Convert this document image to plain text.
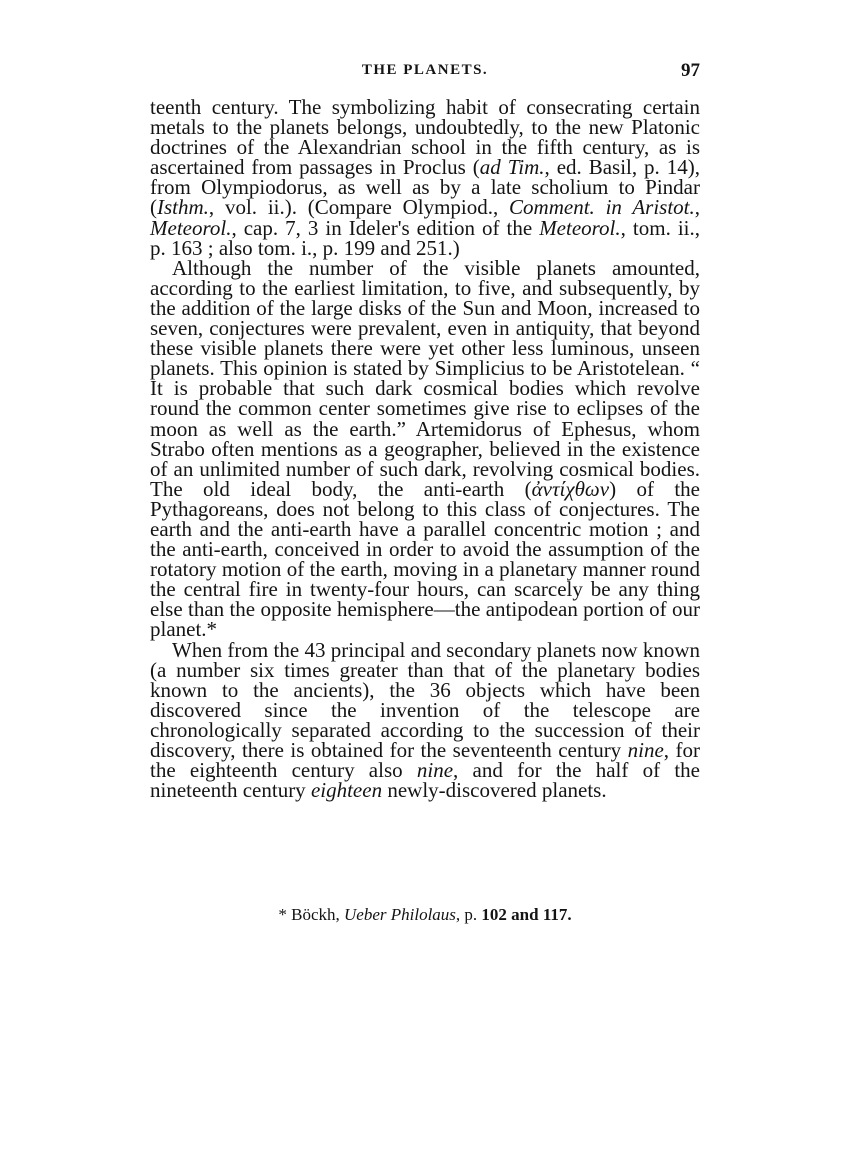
THE PLANETS.	97

teenth century. The symbolizing habit of consecrating certain metals to the planets belongs, undoubtedly, to the new Platonic doctrines of the Alexandrian school in the fifth century, as is ascertained from passages in Proclus (ad Tim., ed. Basil, p. 14), from Olympiodorus, as well as by a late scholium to Pindar (Isthm., vol. ii.). (Compare Olympiod., Comment. in Aristot., Meteorol., cap. 7, 3 in Ideler's edition of the Meteorol., tom. ii., p. 163 ; also tom. i., p. 199 and 251.)

Although the number of the visible planets amounted, according to the earliest limitation, to five, and subsequently, by the addition of the large disks of the Sun and Moon, increased to seven, conjectures were prevalent, even in antiquity, that beyond these visible planets there were yet other less luminous, unseen planets. This opinion is stated by Simplicius to be Aristotelean. “ It is probable that such dark cosmical bodies which revolve round the common center sometimes give rise to eclipses of the moon as well as the earth.” Artemidorus of Ephesus, whom Strabo often mentions as a geographer, believed in the existence of an unlimited number of such dark, revolving cosmical bodies. The old ideal body, the anti-earth (ἀντίχθων) of the Pythagoreans, does not belong to this class of conjectures. The earth and the anti-earth have a parallel concentric motion ; and the anti-earth, conceived in order to avoid the assumption of the rotatory motion of the earth, moving in a planetary manner round the central fire in twenty-four hours, can scarcely be any thing else than the opposite hemisphere—the antipodean portion of our planet.*

When from the 43 principal and secondary planets now known (a number six times greater than that of the planetary bodies known to the ancients), the 36 objects which have been discovered since the invention of the telescope are chronologically separated according to the succession of their discovery, there is obtained for the seventeenth century nine, for the eighteenth century also nine, and for the half of the nineteenth century eighteen newly-discovered planets.

* Böckh, Ueber Philolaus, p. 102 and 117.
